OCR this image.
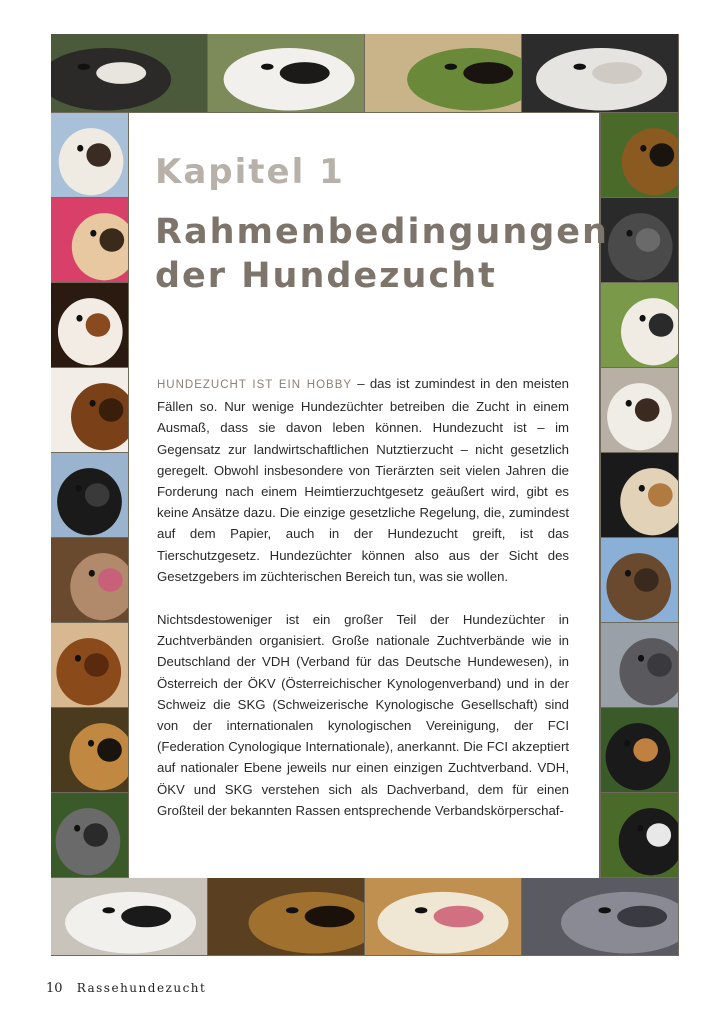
Kapitel 1
Rahmenbedingungen
der Hundezucht

HUNDEZUCHT IST EIN HOBBY – das ist zumindest in den meisten Fällen so. Nur wenige Hundezüchter betreiben die Zucht in einem Ausmaß, dass sie davon leben können. Hundezucht ist – im Gegensatz zur landwirtschaftlichen Nutztierzucht – nicht gesetzlich geregelt. Obwohl insbesondere von Tierärzten seit vielen Jahren die Forderung nach einem Heimtierzuchtgesetz geäußert wird, gibt es keine Ansätze dazu. Die einzige gesetzliche Regelung, die, zumindest auf dem Papier, auch in der Hundezucht greift, ist das Tierschutzgesetz. Hundezüchter können also aus der Sicht des Gesetzgebers im züchterischen Bereich tun, was sie wollen.

Nichtsdestoweniger ist ein großer Teil der Hundezüchter in Zuchtverbänden organisiert. Große nationale Zuchtverbände wie in Deutschland der VDH (Verband für das Deutsche Hundewesen), in Österreich der ÖKV (Österreichischer Kynologenverband) und in der Schweiz die SKG (Schweizerische Kynologische Gesellschaft) sind von der internationalen kynologischen Vereinigung, der FCI (Federation Cynologique Internationale), anerkannt. Die FCI akzeptiert auf nationaler Ebene jeweils nur einen einzigen Zuchtverband. VDH, ÖKV und SKG verstehen sich als Dachverband, dem für einen Großteil der bekannten Rassen entsprechende Verbandskörperschaf-

10 Rassehundezucht
